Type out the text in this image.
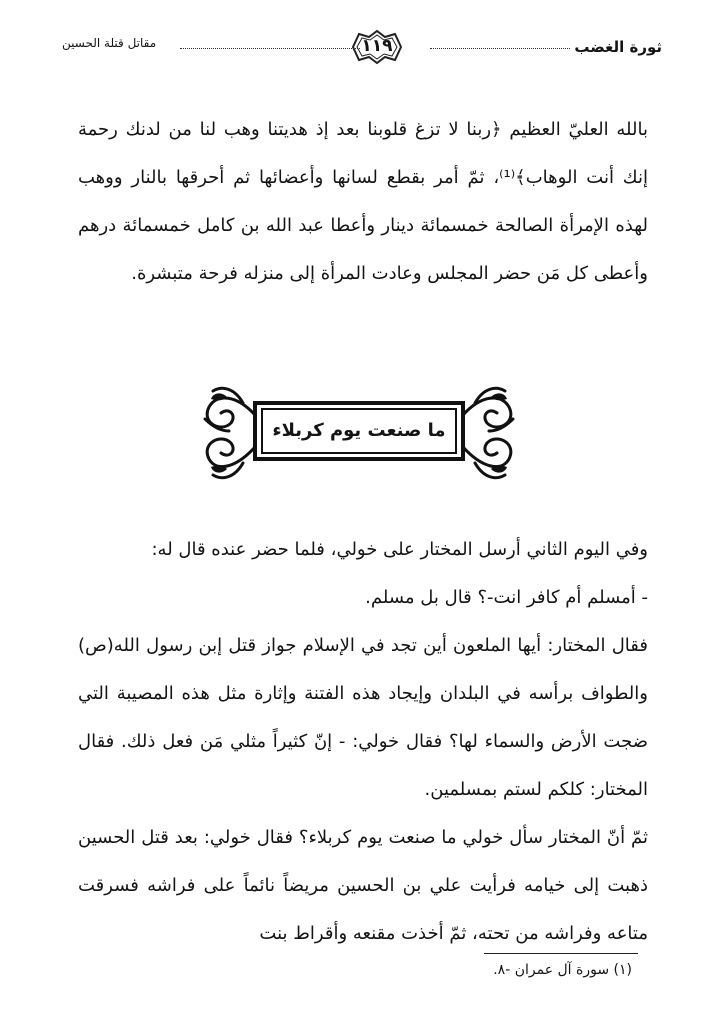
ثورة الغضب
١١٩
مقاتل قتلة الحسين

بالله العليّ العظيم ﴿ربنا لا تزغ قلوبنا بعد إذ هديتنا وهب لنا من لدنك رحمة إنك أنت الوهاب﴾⁽¹⁾، ثمّ أمر بقطع لسانها وأعضائها ثم أحرقها بالنار ووهب لهذه الإمرأة الصالحة خمسمائة دينار وأعطا عبد الله بن كامل خمسمائة درهم وأعطى كل مَن حضر المجلس وعادت المرأة إلى منزله فرحة متبشرة.

ما صنعت يوم كربلاء

وفي اليوم الثاني أرسل المختار على خولي، فلما حضر عنده قال له:

- أمسلم أم كافر انت-؟ قال بل مسلم.

فقال المختار: أيها الملعون أين تجد في الإسلام جواز قتل إبن رسول الله(ص) والطواف برأسه في البلدان وإيجاد هذه الفتنة وإثارة مثل هذه المصيبة التي ضجت الأرض والسماء لها؟ فقال خولي: - إنّ كثيراً مثلي مَن فعل ذلك. فقال المختار: كلكم لستم بمسلمين.

ثمّ أنّ المختار سأل خولي ما صنعت يوم كربلاء؟ فقال خولي: بعد قتل الحسين ذهبت إلى خيامه فرأيت علي بن الحسين مريضاً نائماً على فراشه فسرقت متاعه وفراشه من تحته، ثمّ أخذت مقنعه وأقراط بنت

(١) سورة آل عمران -٨.
